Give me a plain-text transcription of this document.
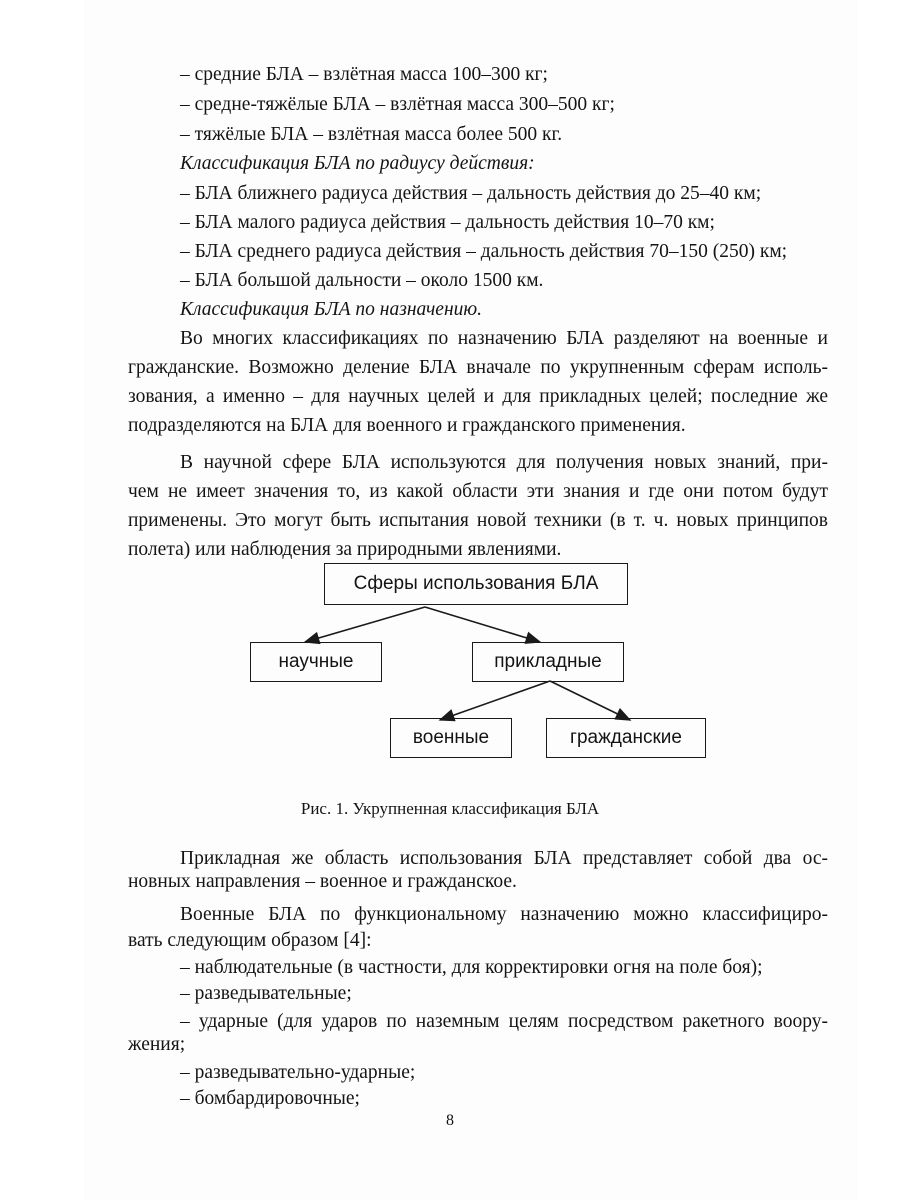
– средние БЛА – взлётная масса 100–300 кг;
– средне-тяжёлые БЛА – взлётная масса 300–500 кг;
– тяжёлые БЛА – взлётная масса более 500 кг.
Классификация БЛА по радиусу действия:
– БЛА ближнего радиуса действия – дальность действия до 25–40 км;
– БЛА малого радиуса действия – дальность действия 10–70 км;
– БЛА среднего радиуса действия – дальность действия 70–150 (250) км;
– БЛА большой дальности – около 1500 км.
Классификация БЛА по назначению.
Во многих классификациях по назначению БЛА разделяют на военные и
гражданские. Возможно деление БЛА вначале по укрупненным сферам исполь-
зования, а именно – для научных целей и для прикладных целей; последние же
подразделяются на БЛА для военного и гражданского применения.
В научной сфере БЛА используются для получения новых знаний, при-
чем не имеет значения то, из какой области эти знания и где они потом будут
применены. Это могут быть испытания новой техники (в т. ч. новых принципов
полета) или наблюдения за природными явлениями.
Сферы использования БЛА
научные	прикладные
военные	гражданские
Рис. 1. Укрупненная классификация БЛА
Прикладная же область использования БЛА представляет собой два ос-
новных направления – военное и гражданское.
Военные БЛА по функциональному назначению можно классифициро-
вать следующим образом [4]:
– наблюдательные (в частности, для корректировки огня на поле боя);
– разведывательные;
– ударные (для ударов по наземным целям посредством ракетного воору-
жения;
– разведывательно-ударные;
– бомбардировочные;
8
